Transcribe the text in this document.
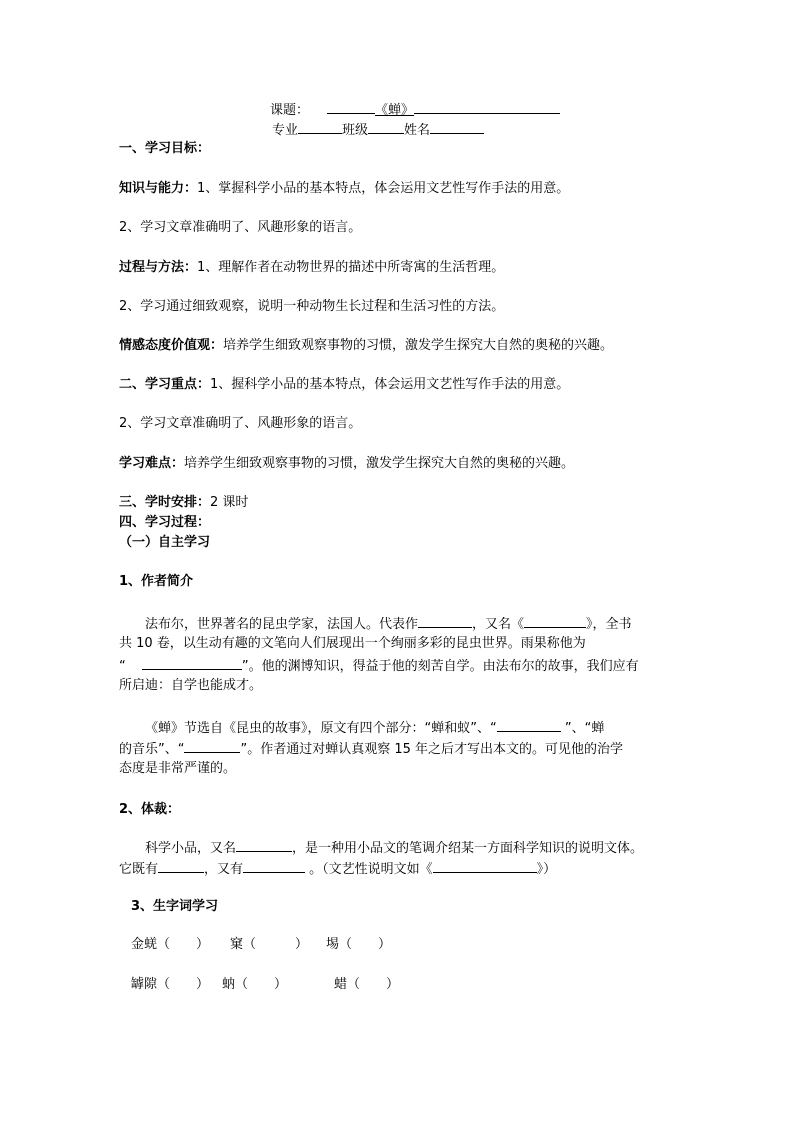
课题：	《蝉》
专业	班级	姓名
一、学习目标：
知识与能力：1、掌握科学小品的基本特点，体会运用文艺性写作手法的用意。
2、学习文章准确明了、风趣形象的语言。
过程与方法：1、理解作者在动物世界的描述中所寄寓的生活哲理。
2、学习通过细致观察，说明一种动物生长过程和生活习性的方法。
情感态度价值观：培养学生细致观察事物的习惯，激发学生探究大自然的奥秘的兴趣。
二、学习重点：1、握科学小品的基本特点，体会运用文艺性写作手法的用意。
2、学习文章准确明了、风趣形象的语言。
学习难点：培养学生细致观察事物的习惯，激发学生探究大自然的奥秘的兴趣。
三、学时安排：2 课时
四、学习过程：
（一）自主学习
1、作者简介
法布尔，世界著名的昆虫学家，法国人。代表作	，又名《	》，全书
共 10 卷，以生动有趣的文笔向人们展现出一个绚丽多彩的昆虫世界。雨果称他为
“	”。他的渊博知识，得益于他的刻苦自学。由法布尔的故事，我们应有
所启迪：自学也能成才。
《蝉》节选自《昆虫的故事》，原文有四个部分：“蝉和蚁”、“	”、“蝉
的音乐”、“	”。作者通过对蝉认真观察 15 年之后才写出本文的。可见他的治学
态度是非常严谨的。
2、体裁：
科学小品，又名	，是一种用小品文的笔调介绍某一方面科学知识的说明文体。
它既有	，又有	。（文艺性说明文如《	》）
3、生字词学习
金蜣（　　） 窠（　　　） 埸（　　）
罅隙（　　） 蚋（　　）	蜡（　　）
